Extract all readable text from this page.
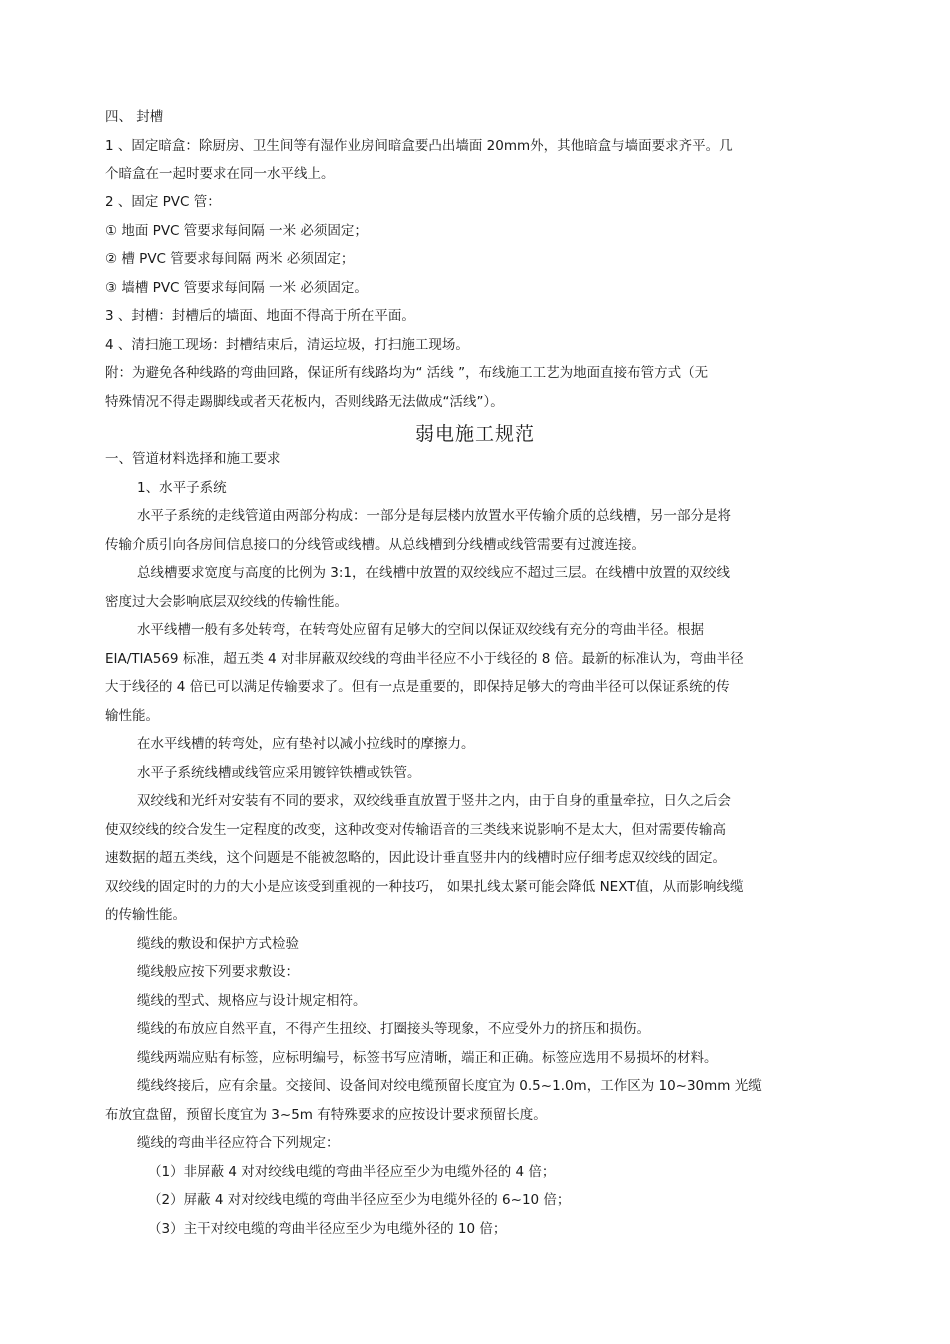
四、 封槽
1 、固定暗盒：除厨房、卫生间等有湿作业房间暗盒要凸出墙面 20mm外，其他暗盒与墙面要求齐平。几
个暗盒在一起时要求在同一水平线上。
2 、固定 PVC 管：
① 地面 PVC 管要求每间隔 一米 必须固定；
② 槽 PVC 管要求每间隔 两米 必须固定；
③ 墙槽 PVC 管要求每间隔 一米 必须固定。
3 、封槽：封槽后的墙面、地面不得高于所在平面。
4 、清扫施工现场：封槽结束后，清运垃圾，打扫施工现场。
附：为避免各种线路的弯曲回路，保证所有线路均为“ 活线 ”，布线施工工艺为地面直接布管方式（无
特殊情况不得走踢脚线或者天花板内，否则线路无法做成“活线”）。
弱电施工规范
一、管道材料选择和施工要求
1、水平子系统
水平子系统的走线管道由两部分构成：一部分是每层楼内放置水平传输介质的总线槽，另一部分是将
传输介质引向各房间信息接口的分线管或线槽。从总线槽到分线槽或线管需要有过渡连接。
总线槽要求宽度与高度的比例为 3:1，在线槽中放置的双绞线应不超过三层。在线槽中放置的双绞线
密度过大会影响底层双绞线的传输性能。
水平线槽一般有多处转弯，在转弯处应留有足够大的空间以保证双绞线有充分的弯曲半径。根据
EIA/TIA569 标准，超五类 4 对非屏蔽双绞线的弯曲半径应不小于线径的 8 倍。最新的标准认为，弯曲半径
大于线径的 4 倍已可以满足传输要求了。但有一点是重要的，即保持足够大的弯曲半径可以保证系统的传
输性能。
在水平线槽的转弯处，应有垫衬以减小拉线时的摩擦力。
水平子系统线槽或线管应采用镀锌铁槽或铁管。
双绞线和光纤对安装有不同的要求，双绞线垂直放置于竖井之内，由于自身的重量牵拉，日久之后会
使双绞线的绞合发生一定程度的改变，这种改变对传输语音的三类线来说影响不是太大，但对需要传输高
速数据的超五类线，这个问题是不能被忽略的，因此设计垂直竖井内的线槽时应仔细考虑双绞线的固定。
双绞线的固定时的力的大小是应该受到重视的一种技巧， 如果扎线太紧可能会降低 NEXT值，从而影响线缆
的传输性能。
缆线的敷设和保护方式检验
缆线般应按下列要求敷设：
缆线的型式、规格应与设计规定相符。
缆线的布放应自然平直，不得产生扭绞、打圈接头等现象，不应受外力的挤压和损伤。
缆线两端应贴有标签，应标明编号，标签书写应清晰，端正和正确。标签应选用不易损坏的材料。
缆线终接后，应有余量。交接间、设备间对绞电缆预留长度宜为 0.5~1.0m，工作区为 10~30mm 光缆
布放宜盘留，预留长度宜为 3~5m 有特殊要求的应按设计要求预留长度。
缆线的弯曲半径应符合下列规定：
（1）非屏蔽 4 对对绞线电缆的弯曲半径应至少为电缆外径的 4 倍；
（2）屏蔽 4 对对绞线电缆的弯曲半径应至少为电缆外径的 6~10 倍；
（3）主干对绞电缆的弯曲半径应至少为电缆外径的 10 倍；
